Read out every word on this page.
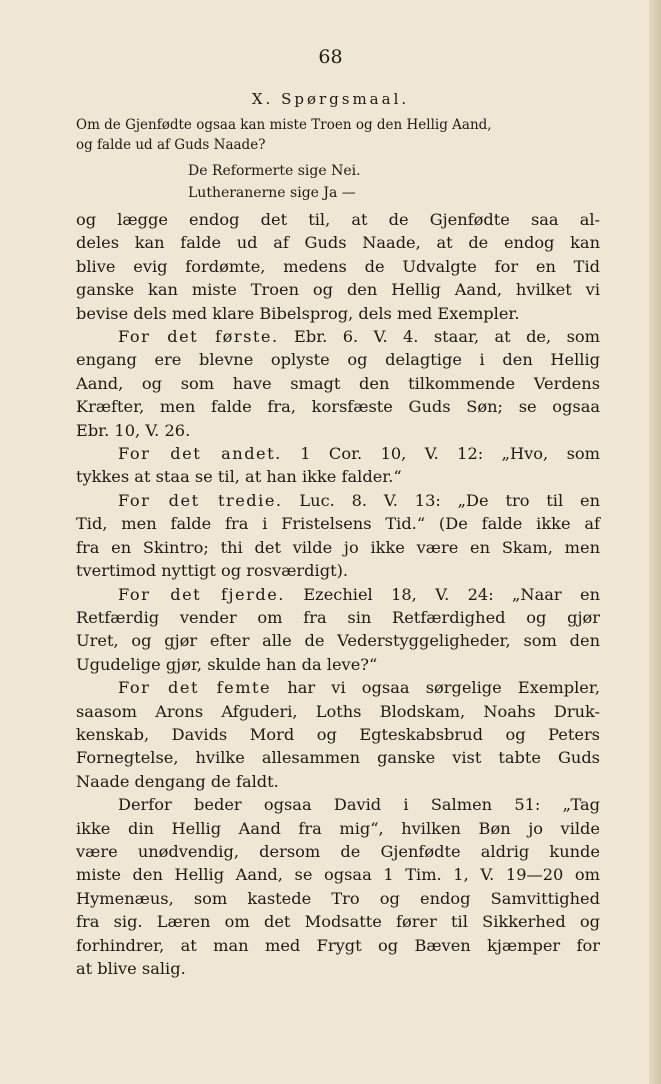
68
X. Spørgsmaal.
Om de Gjenfødte ogsaa kan miste Troen og den Hellig Aand,
og falde ud af Guds Naade?
De Reformerte sige Nei.
Lutheranerne sige Ja —

og lægge endog det til, at de Gjenfødte saa al-
deles kan falde ud af Guds Naade, at de endog kan
blive evig fordømte, medens de Udvalgte for en Tid
ganske kan miste Troen og den Hellig Aand, hvilket vi
bevise dels med klare Bibelsprog, dels med Exempler.

For det første. Ebr. 6. V. 4. staar, at de, som
engang ere blevne oplyste og delagtige i den Hellig
Aand, og som have smagt den tilkommende Verdens
Kræfter, men falde fra, korsfæste Guds Søn; se ogsaa
Ebr. 10, V. 26.

For det andet. 1 Cor. 10, V. 12: „Hvo, som
tykkes at staa se til, at han ikke falder.“

For det tredie. Luc. 8. V. 13: „De tro til en
Tid, men falde fra i Fristelsens Tid.“ (De falde ikke af
fra en Skintro; thi det vilde jo ikke være en Skam, men
tvertimod nyttigt og rosværdigt).

For det fjerde. Ezechiel 18, V. 24: „Naar en
Retfærdig vender om fra sin Retfærdighed og gjør
Uret, og gjør efter alle de Vederstyggeligheder, som den
Ugudelige gjør, skulde han da leve?“

For det femte har vi ogsaa sørgelige Exempler,
saasom Arons Afguderi, Loths Blodskam, Noahs Druk-
kenskab, Davids Mord og Egteskabsbrud og Peters
Fornegtelse, hvilke allesammen ganske vist tabte Guds
Naade dengang de faldt.

Derfor beder ogsaa David i Salmen 51: „Tag
ikke din Hellig Aand fra mig“, hvilken Bøn jo vilde
være unødvendig, dersom de Gjenfødte aldrig kunde
miste den Hellig Aand, se ogsaa 1 Tim. 1, V. 19—20 om
Hymenæus, som kastede Tro og endog Samvittighed
fra sig. Læren om det Modsatte fører til Sikkerhed og
forhindrer, at man med Frygt og Bæven kjæmper for
at blive salig.
